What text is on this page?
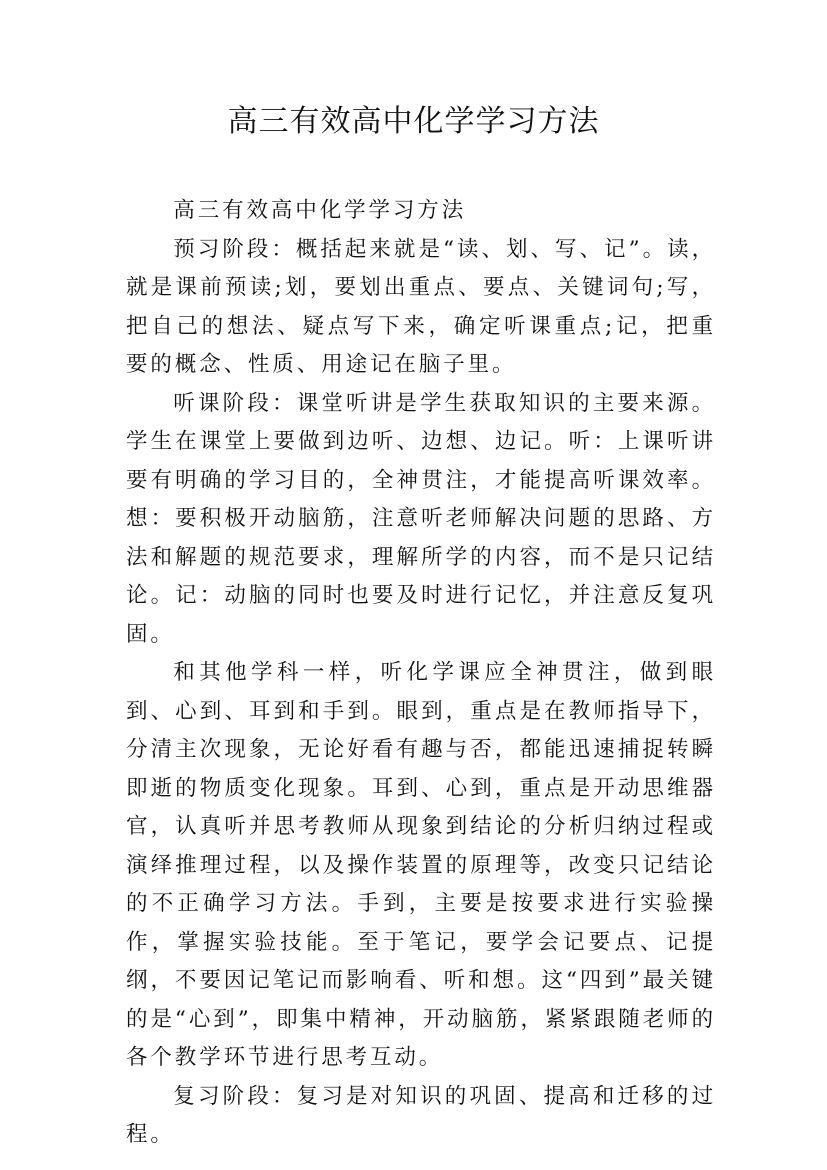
高三有效高中化学学习方法

高三有效高中化学学习方法

预习阶段：概括起来就是“读、划、写、记”。读，就是课前预读;划，要划出重点、要点、关键词句;写，把自己的想法、疑点写下来，确定听课重点;记，把重要的概念、性质、用途记在脑子里。

听课阶段：课堂听讲是学生获取知识的主要来源。学生在课堂上要做到边听、边想、边记。听：上课听讲要有明确的学习目的，全神贯注，才能提高听课效率。想：要积极开动脑筋，注意听老师解决问题的思路、方法和解题的规范要求，理解所学的内容，而不是只记结论。记：动脑的同时也要及时进行记忆，并注意反复巩固。

和其他学科一样，听化学课应全神贯注，做到眼到、心到、耳到和手到。眼到，重点是在教师指导下，分清主次现象，无论好看有趣与否，都能迅速捕捉转瞬即逝的物质变化现象。耳到、心到，重点是开动思维器官，认真听并思考教师从现象到结论的分析归纳过程或演绎推理过程，以及操作装置的原理等，改变只记结论的不正确学习方法。手到，主要是按要求进行实验操作，掌握实验技能。至于笔记，要学会记要点、记提纲，不要因记笔记而影响看、听和想。这“四到”最关键的是“心到”，即集中精神，开动脑筋，紧紧跟随老师的各个教学环节进行思考互动。

复习阶段：复习是对知识的巩固、提高和迁移的过程。
